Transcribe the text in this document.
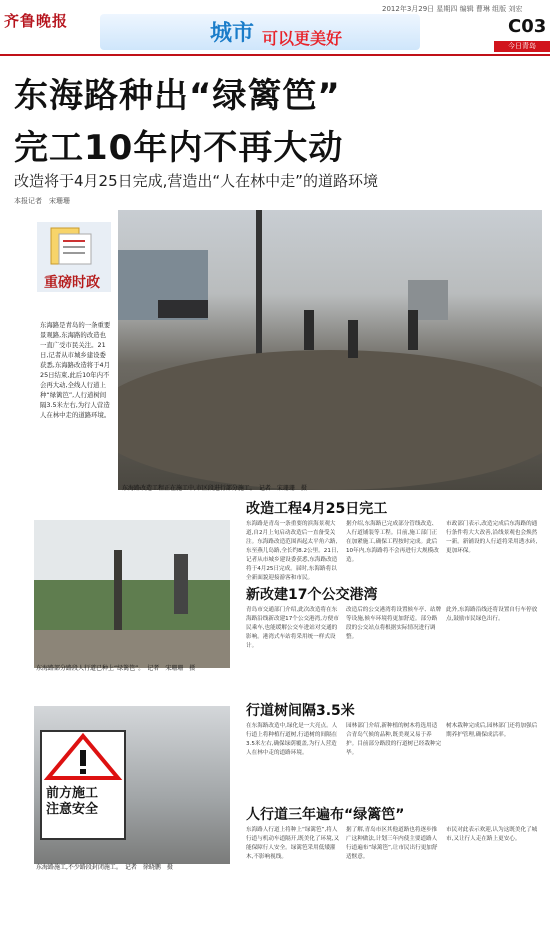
齐鲁晚报	城市 可以更美好
2012年3月29日 星期四 编辑 曹琳 组版 刘宏
C03
今日青岛
东海路种出“绿篱笆”
完工10年内不再大动
改造将于4月25日完成,营造出“人在林中走”的道路环境
本报记者　宋珊珊
重磅时政
东海路是青岛的一条重要景观路,东海路的改造也一直广受市民关注。21日,记者从市城乡建设委获悉,东海路改造将于4月25日结束,此后10年内不会再大动,全线人行道上种“绿篱笆”,人行道树间隔3.5米左右,为行人营造人在林中走的道路环境。
东海路改造工程正在施工中,市区段进行部分施工。　记者　宋珊珊　摄
改造工程4月25日完工
东海路是青岛一条重要的滨海景观大道,自2月上旬启动改造后一直备受关注。东海路改造范围西起太平角六路,东至燕儿岛路,全长约8.2公里。21日,记者从市城乡建设委获悉,东海路改造将于4月25日完成。届时,东海路将以全新面貌迎接游客和市民。
据介绍,东海路已完成部分管线改造、人行道铺装等工程。目前,施工部门正在加紧施工,确保工程按时完成。此后10年内,东海路将不会再进行大规模改造。
市政部门表示,改造完成后东海路的通行条件将大大改善,沿线景观也会焕然一新。新铺设的人行道将采用透水砖,更加环保。
东海路部分路段人行道已种上“绿篱笆”。　记者　宋珊珊　摄
新改建17个公交港湾
青岛市交通部门介绍,此次改造将在东海路沿线新改建17个公交港湾,方便市民乘车,也能缓解公交车进站对交通的影响。港湾式车站将采用统一样式设计。
改造后的公交港湾将设置候车亭、站牌等设施,候车环境将更加舒适。部分路段的公交站点将根据实际情况进行调整。
此外,东海路沿线还将设置自行车停放点,鼓励市民绿色出行。
行道树间隔3.5米
在东海路改造中,绿化是一大亮点。人行道上将种植行道树,行道树的间隔在3.5米左右,确保绿荫覆盖,为行人营造人在林中走的道路环境。
园林部门介绍,新种植的树木将选用适合青岛气候的品种,既美观又易于养护。目前部分路段的行道树已经栽种完毕。
树木栽种完成后,园林部门还将加强后期养护管理,确保成活率。
前方施工
注意安全
东海路施工,不少路段封闭施工。　记者　徐晓鹏　摄
人行道三年遍布“绿篱笆”
东海路人行道上将种上“绿篱笆”,将人行道与机动车道隔开,既美化了环境,又能保障行人安全。绿篱笆采用低矮灌木,不影响视线。
据了解,青岛市区其他道路也将逐步推广这种做法,计划三年内使主要道路人行道遍布“绿篱笆”,让市民出行更加舒适惬意。
市民对此表示欢迎,认为这既美化了城市,又让行人走在路上更安心。
